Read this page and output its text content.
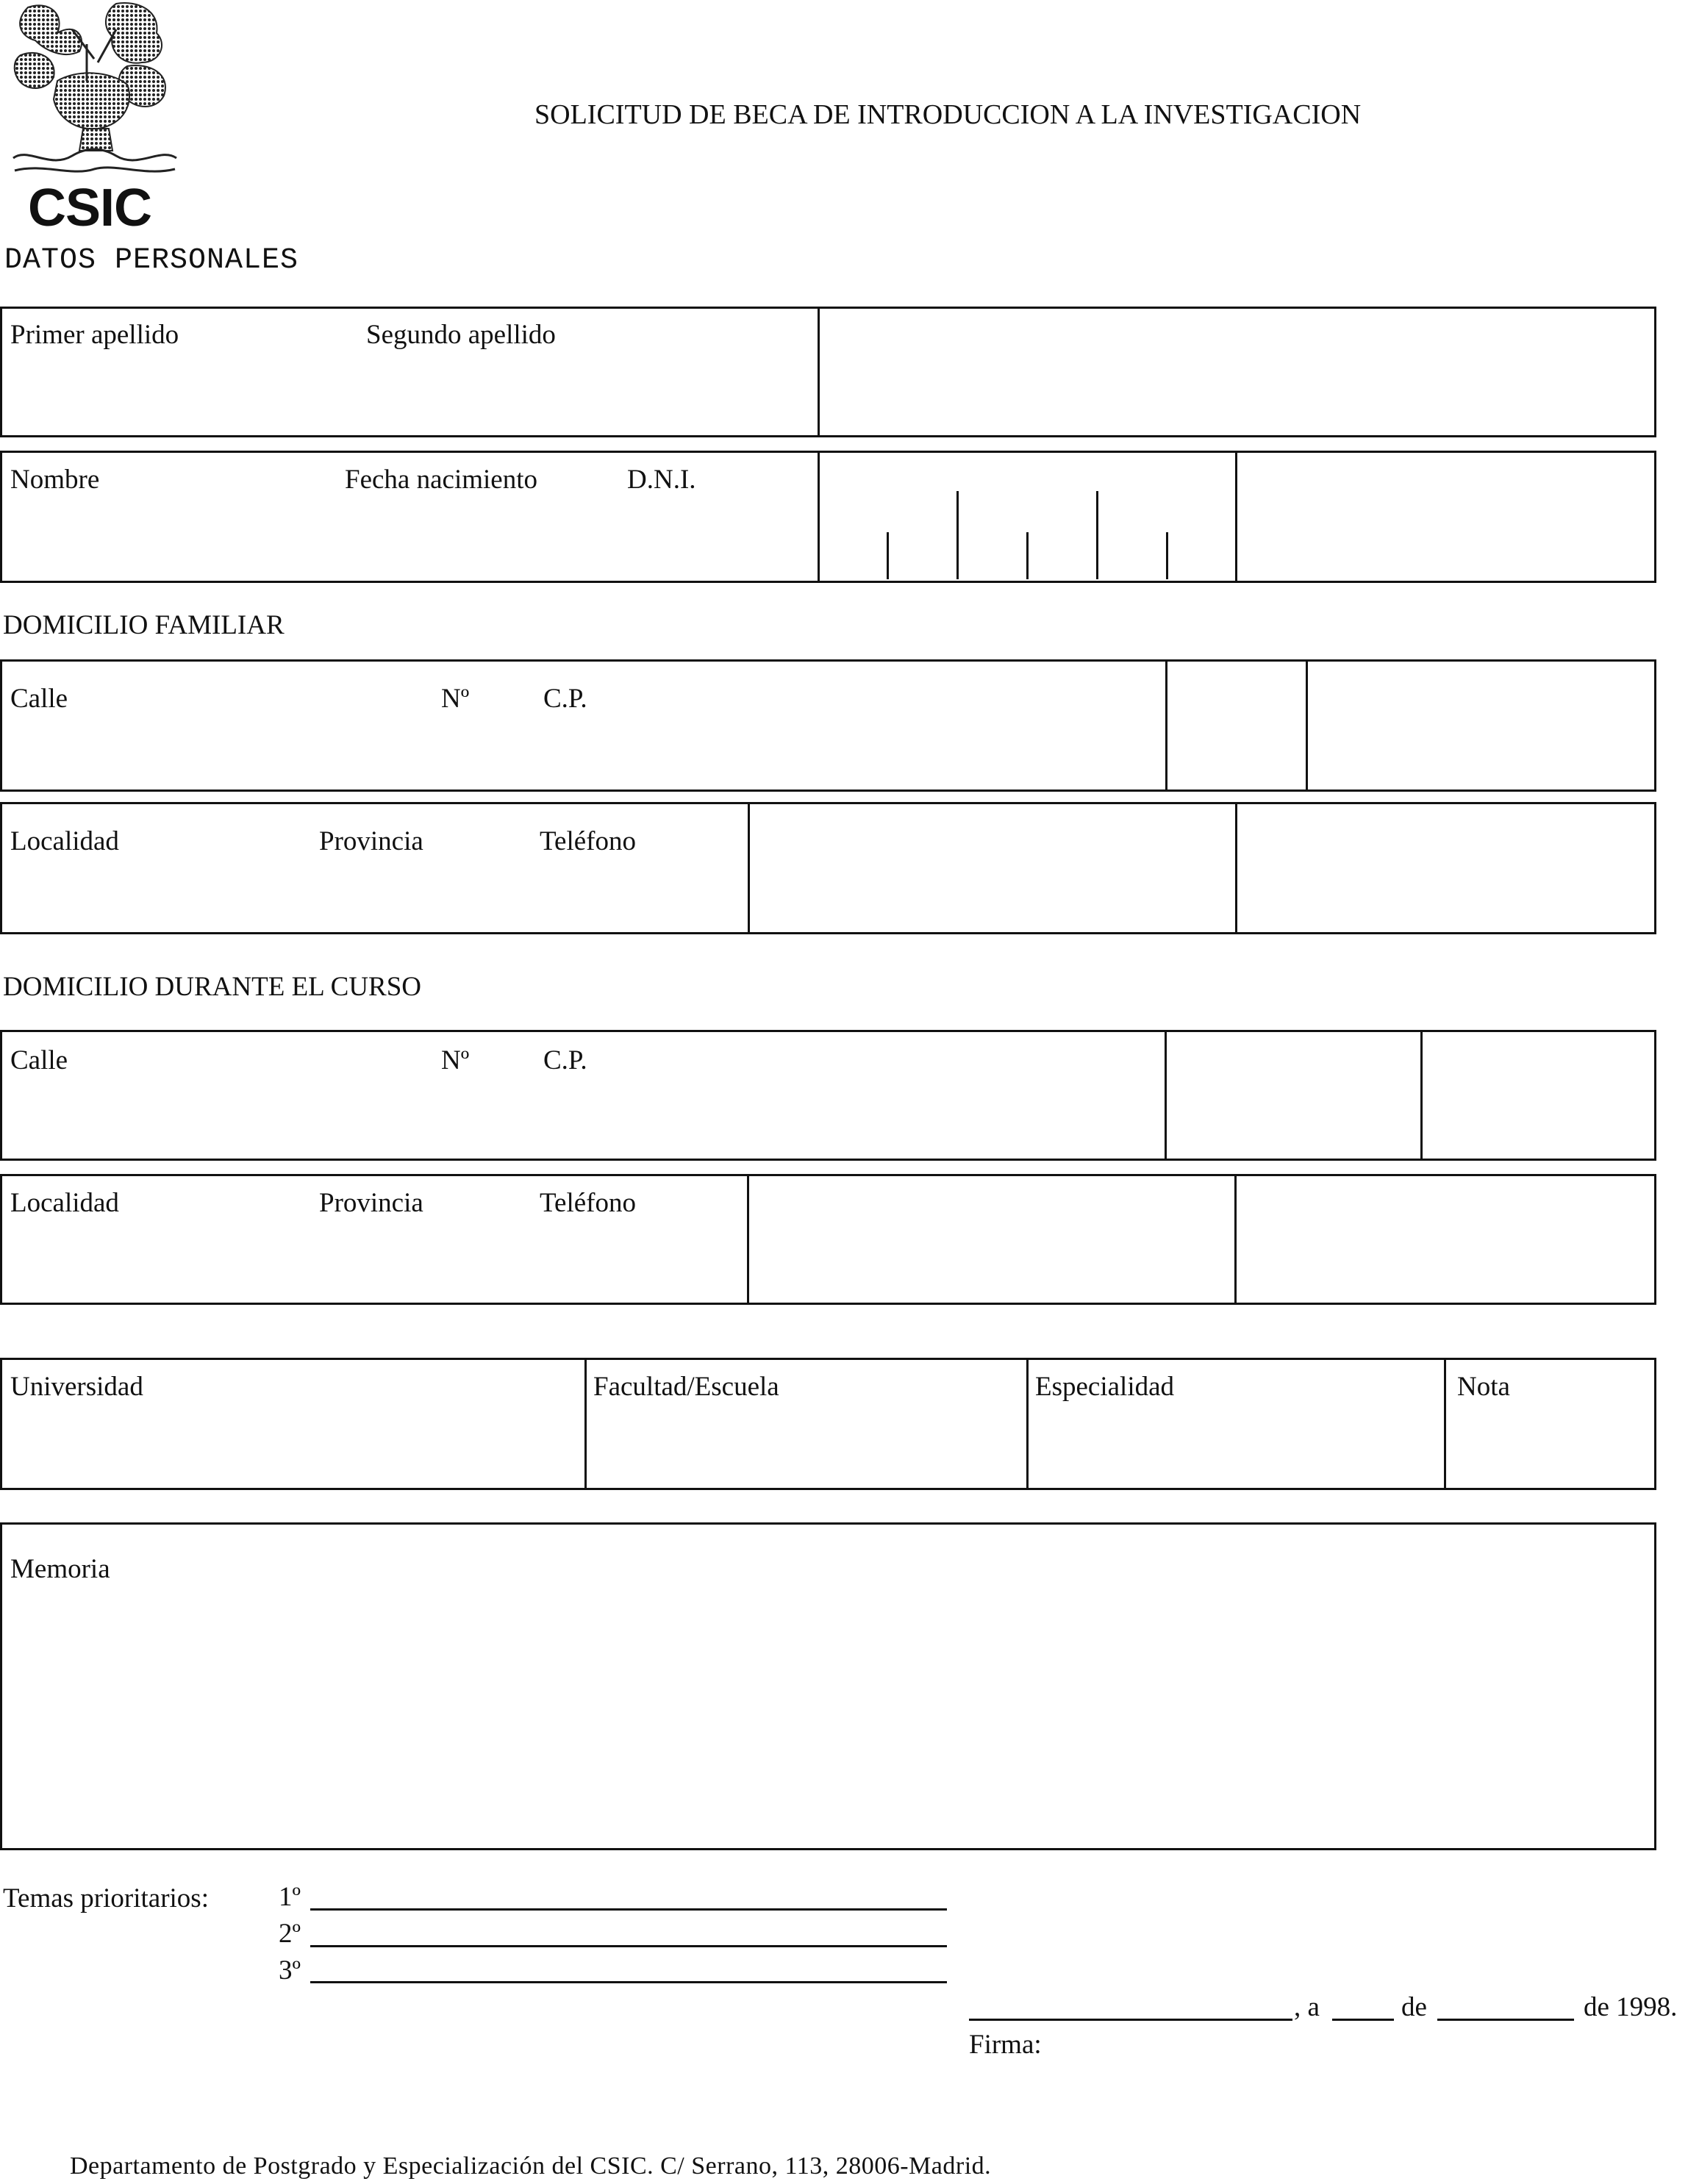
CSIC
SOLICITUD DE BECA DE INTRODUCCION A LA INVESTIGACION
DATOS PERSONALES
Primer apellido	Segundo apellido
Nombre	Fecha nacimiento	D.N.I.
DOMICILIO FAMILIAR
Calle	Nº	C.P.
Localidad	Provincia	Teléfono
DOMICILIO DURANTE EL CURSO
Calle	Nº	C.P.
Localidad	Provincia	Teléfono
Universidad	Facultad/Escuela	Especialidad	Nota
Memoria
Temas prioritarios:	1º
2º
3º
, a	de	de 1998.
Firma:
Departamento de Postgrado y Especialización del CSIC. C/ Serrano, 113, 28006-Madrid.
